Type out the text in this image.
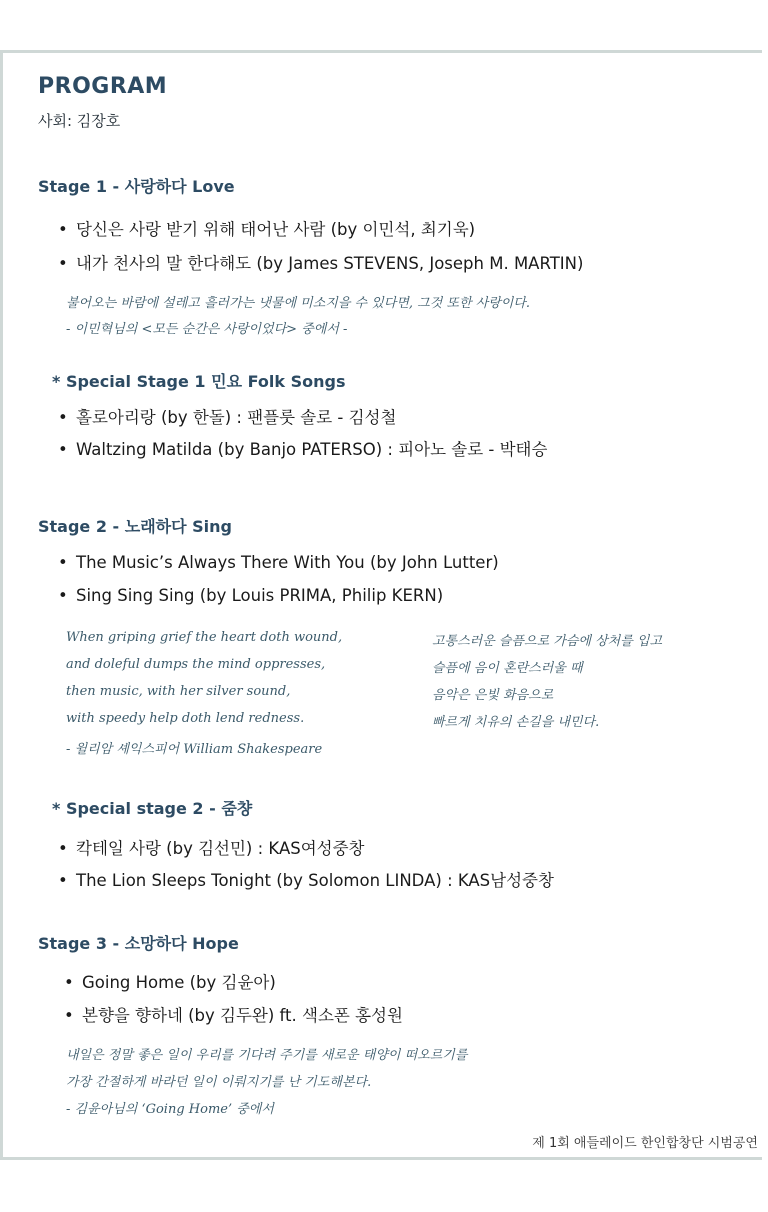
PROGRAM
사회: 김장호
Stage 1 - 사랑하다 Love
• 당신은 사랑 받기 위해 태어난 사람 (by 이민석, 최기욱)
• 내가 천사의 말 한다해도 (by James STEVENS, Joseph M. MARTIN)
불어오는 바람에 설레고 흘러가는 냇물에 미소지을 수 있다면, 그것 또한 사랑이다.
- 이민혁님의 <모든 순간은 사랑이었다> 중에서 -
* Special Stage 1 민요 Folk Songs
• 홀로아리랑 (by 한돌) : 팬플룻 솔로 - 김성철
• Waltzing Matilda (by Banjo PATERSO) : 피아노 솔로 - 박태승
Stage 2 - 노래하다 Sing
• The Music’s Always There With You (by John Lutter)
• Sing Sing Sing (by Louis PRIMA, Philip KERN)
When griping grief the heart doth wound,
and doleful dumps the mind oppresses,
then music, with her silver sound,
with speedy help doth lend redness.
- 윌리암 셰익스피어 William Shakespeare
고통스러운 슬픔으로 가슴에 상처를 입고
슬픔에 음이 혼란스러울 때
음악은 은빛 화음으로
빠르게 치유의 손길을 내민다.
* Special stage 2 - 줌챵
• 칵테일 사랑 (by 김선민) : KAS여성중창
• The Lion Sleeps Tonight (by Solomon LINDA) : KAS남성중창
Stage 3 - 소망하다 Hope
• Going Home (by 김윤아)
• 본향을 향하네 (by 김두완) ft. 색소폰 홍성원
내일은 정말 좋은 일이 우리를 기다려 주기를 새로운 태양이 떠오르기를
가장 간절하게 바라던 일이 이뤄지기를 난 기도해본다.
- 김윤아님의 ‘Going Home’ 중에서
제 1회 애들레이드 한인합창단 시범공연
